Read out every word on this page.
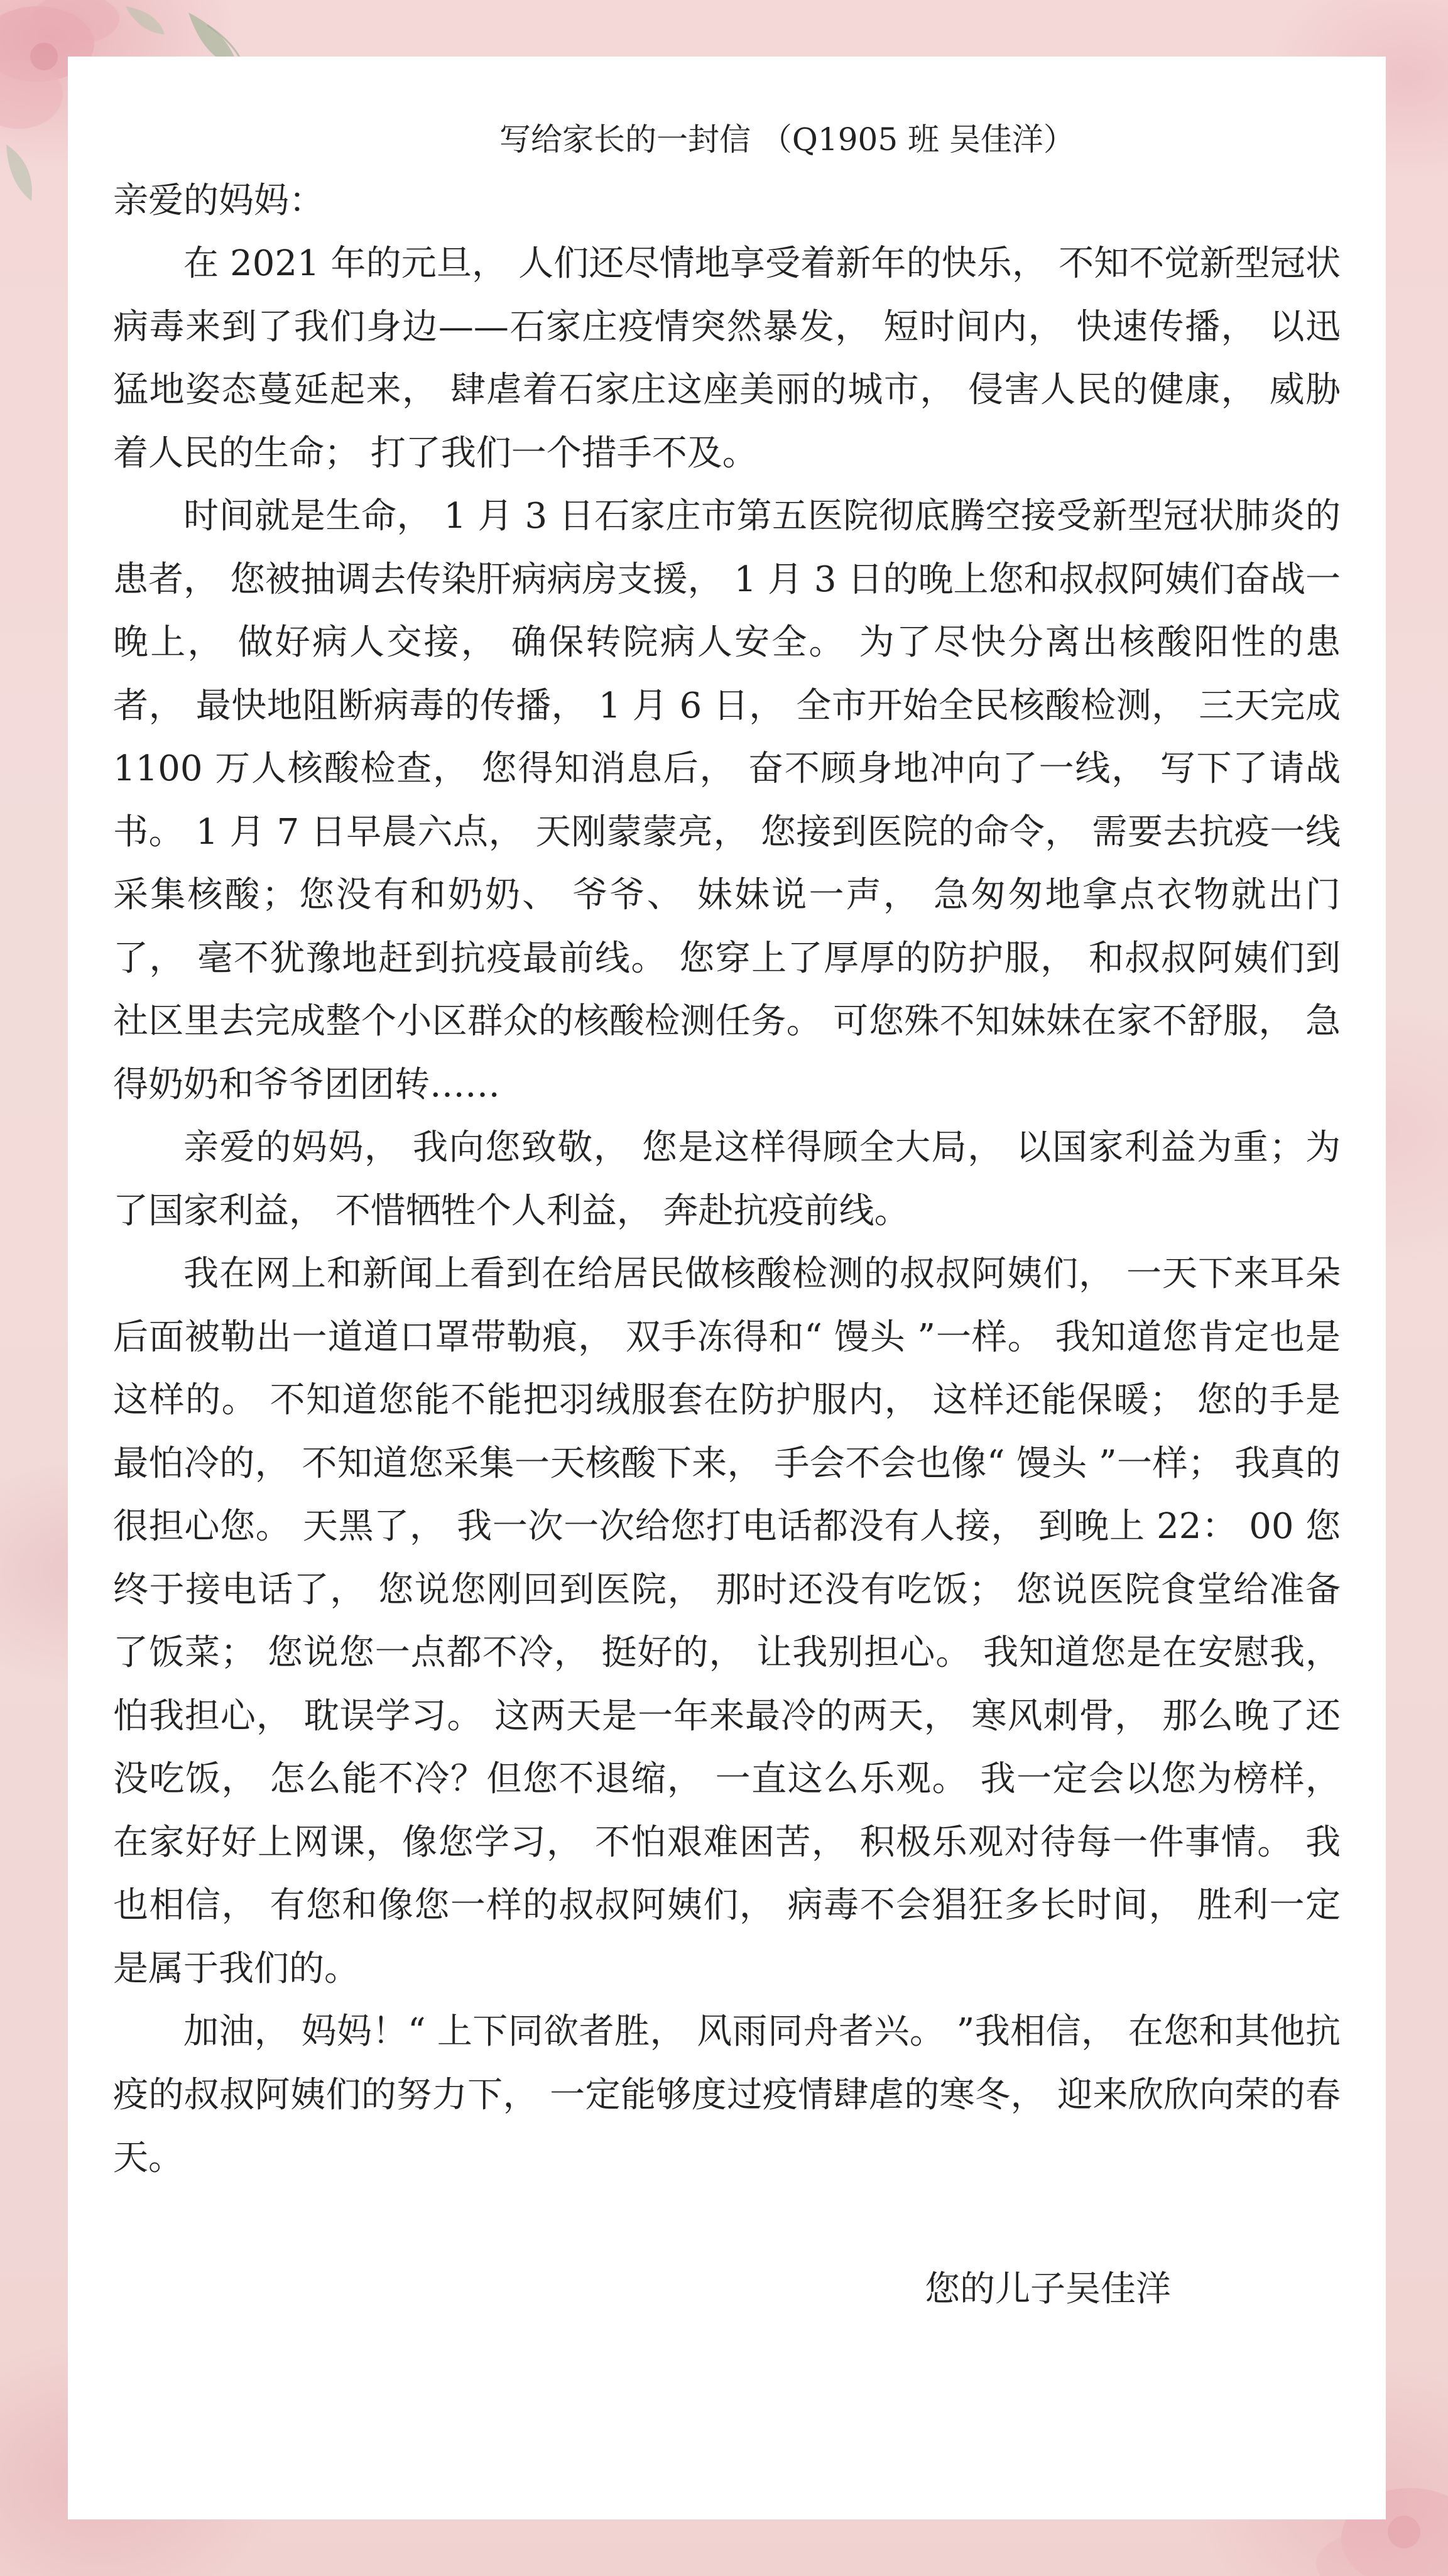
写给家长的一封信 （Q1905 班 吴佳洋）

亲爱的妈妈：

在 2021 年的元旦， 人们还尽情地享受着新年的快乐， 不知不觉新型冠状病毒来到了我们身边——石家庄疫情突然暴发， 短时间内， 快速传播， 以迅猛地姿态蔓延起来， 肆虐着石家庄这座美丽的城市， 侵害人民的健康， 威胁着人民的生命； 打了我们一个措手不及。

时间就是生命， 1 月 3 日石家庄市第五医院彻底腾空接受新型冠状肺炎的患者， 您被抽调去传染肝病病房支援， 1 月 3 日的晚上您和叔叔阿姨们奋战一晚上， 做好病人交接， 确保转院病人安全。 为了尽快分离出核酸阳性的患者， 最快地阻断病毒的传播， 1 月 6 日， 全市开始全民核酸检测， 三天完成 1100 万人核酸检查， 您得知消息后， 奋不顾身地冲向了一线， 写下了请战书。 1 月 7 日早晨六点， 天刚蒙蒙亮， 您接到医院的命令， 需要去抗疫一线采集核酸；您没有和奶奶、 爷爷、 妹妹说一声， 急匆匆地拿点衣物就出门了， 毫不犹豫地赶到抗疫最前线。 您穿上了厚厚的防护服， 和叔叔阿姨们到社区里去完成整个小区群众的核酸检测任务。 可您殊不知妹妹在家不舒服， 急得奶奶和爷爷团团转……

亲爱的妈妈， 我向您致敬， 您是这样得顾全大局， 以国家利益为重；为了国家利益， 不惜牺牲个人利益， 奔赴抗疫前线。

我在网上和新闻上看到在给居民做核酸检测的叔叔阿姨们， 一天下来耳朵后面被勒出一道道口罩带勒痕， 双手冻得和“ 馒头 ”一样。 我知道您肯定也是这样的。 不知道您能不能把羽绒服套在防护服内， 这样还能保暖； 您的手是最怕冷的， 不知道您采集一天核酸下来， 手会不会也像“ 馒头 ”一样； 我真的很担心您。 天黑了， 我一次一次给您打电话都没有人接， 到晚上 22： 00 您终于接电话了， 您说您刚回到医院， 那时还没有吃饭； 您说医院食堂给准备了饭菜； 您说您一点都不冷， 挺好的， 让我别担心。 我知道您是在安慰我， 怕我担心， 耽误学习。 这两天是一年来最冷的两天， 寒风刺骨， 那么晚了还没吃饭， 怎么能不冷？但您不退缩， 一直这么乐观。 我一定会以您为榜样， 在家好好上网课，像您学习， 不怕艰难困苦， 积极乐观对待每一件事情。 我也相信， 有您和像您一样的叔叔阿姨们， 病毒不会猖狂多长时间， 胜利一定是属于我们的。

加油， 妈妈！“ 上下同欲者胜， 风雨同舟者兴。 ”我相信， 在您和其他抗疫的叔叔阿姨们的努力下， 一定能够度过疫情肆虐的寒冬， 迎来欣欣向荣的春天。

您的儿子吴佳洋
